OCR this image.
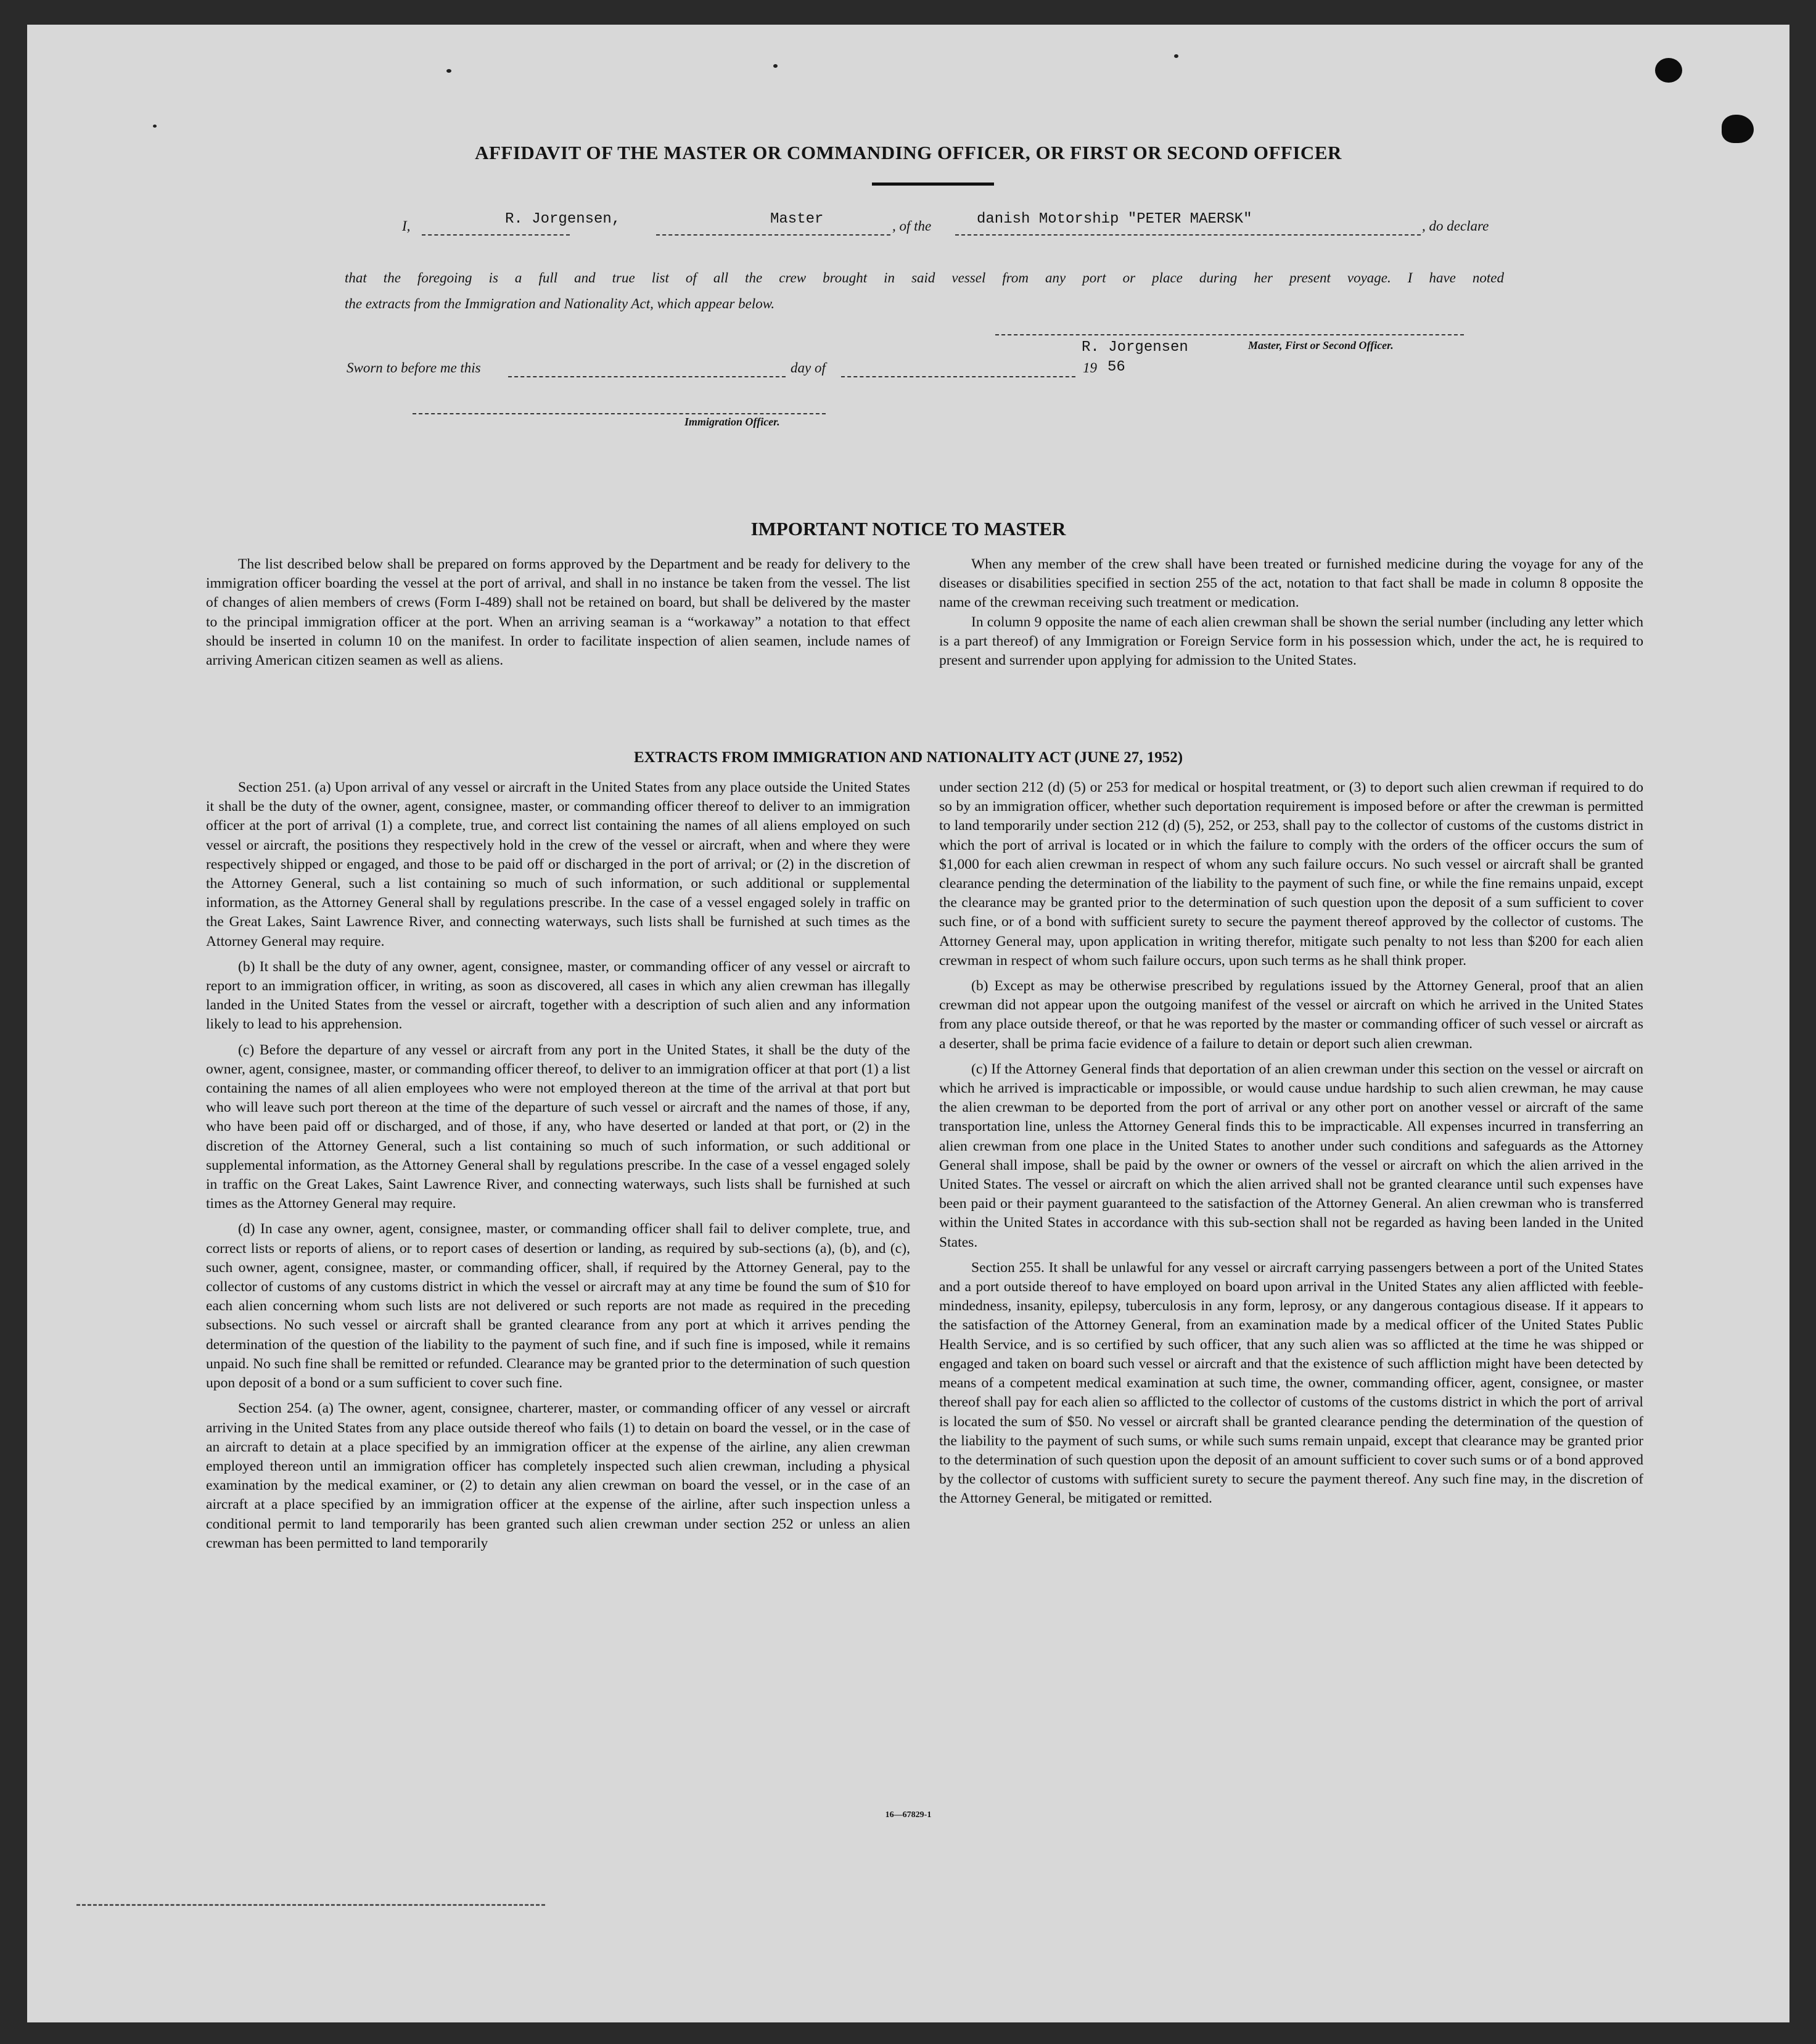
AFFIDAVIT OF THE MASTER OR COMMANDING OFFICER, OR FIRST OR SECOND OFFICER
I,	R. Jorgensen,	Master	, of the	danish Motorship "PETER MAERSK"	, do declare
that the foregoing is a full and true list of all the crew brought in said vessel from any port or place during her present voyage. I have noted
the extracts from the Immigration and Nationality Act, which appear below.
R. Jorgensen	Master, First or Second Officer.
Sworn to before me this	day of	19 56
Immigration Officer.
IMPORTANT NOTICE TO MASTER

The list described below shall be prepared on forms approved by the Department and be ready for delivery to the immigration officer boarding the vessel at the port of arrival, and shall in no instance be taken from the vessel. The list of changes of alien members of crews (Form I-489) shall not be retained on board, but shall be delivered by the master to the principal immigration officer at the port. When an arriving seaman is a “workaway” a notation to that effect should be inserted in column 10 on the manifest. In order to facilitate inspection of alien seamen, include names of arriving American citizen seamen as well as aliens.

When any member of the crew shall have been treated or furnished medicine during the voyage for any of the diseases or disabilities specified in section 255 of the act, notation to that fact shall be made in column 8 opposite the name of the crewman receiving such treatment or medication.

In column 9 opposite the name of each alien crewman shall be shown the serial number (including any letter which is a part thereof) of any Immigration or Foreign Service form in his possession which, under the act, he is required to present and surrender upon applying for admission to the United States.

EXTRACTS FROM IMMIGRATION AND NATIONALITY ACT (JUNE 27, 1952)

Section 251. (a) Upon arrival of any vessel or aircraft in the United States from any place outside the United States it shall be the duty of the owner, agent, consignee, master, or commanding officer thereof to deliver to an immigration officer at the port of arrival (1) a complete, true, and correct list containing the names of all aliens employed on such vessel or aircraft, the positions they respectively hold in the crew of the vessel or aircraft, when and where they were respectively shipped or engaged, and those to be paid off or discharged in the port of arrival; or (2) in the discretion of the Attorney General, such a list containing so much of such information, or such additional or supplemental information, as the Attorney General shall by regulations prescribe. In the case of a vessel engaged solely in traffic on the Great Lakes, Saint Lawrence River, and connecting waterways, such lists shall be furnished at such times as the Attorney General may require.

(b) It shall be the duty of any owner, agent, consignee, master, or commanding officer of any vessel or aircraft to report to an immigration officer, in writing, as soon as discovered, all cases in which any alien crewman has illegally landed in the United States from the vessel or aircraft, together with a description of such alien and any information likely to lead to his apprehension.

(c) Before the departure of any vessel or aircraft from any port in the United States, it shall be the duty of the owner, agent, consignee, master, or commanding officer thereof, to deliver to an immigration officer at that port (1) a list containing the names of all alien employees who were not employed thereon at the time of the arrival at that port but who will leave such port thereon at the time of the departure of such vessel or aircraft and the names of those, if any, who have been paid off or discharged, and of those, if any, who have deserted or landed at that port, or (2) in the discretion of the Attorney General, such a list containing so much of such information, or such additional or supplemental information, as the Attorney General shall by regulations prescribe. In the case of a vessel engaged solely in traffic on the Great Lakes, Saint Lawrence River, and connecting waterways, such lists shall be furnished at such times as the Attorney General may require.

(d) In case any owner, agent, consignee, master, or commanding officer shall fail to deliver complete, true, and correct lists or reports of aliens, or to report cases of desertion or landing, as required by sub-sections (a), (b), and (c), such owner, agent, consignee, master, or commanding officer, shall, if required by the Attorney General, pay to the collector of customs of any customs district in which the vessel or aircraft may at any time be found the sum of $10 for each alien concerning whom such lists are not delivered or such reports are not made as required in the preceding subsections. No such vessel or aircraft shall be granted clearance from any port at which it arrives pending the determination of the question of the liability to the payment of such fine, and if such fine is imposed, while it remains unpaid. No such fine shall be remitted or refunded. Clearance may be granted prior to the determination of such question upon deposit of a bond or a sum sufficient to cover such fine.

Section 254. (a) The owner, agent, consignee, charterer, master, or commanding officer of any vessel or aircraft arriving in the United States from any place outside thereof who fails (1) to detain on board the vessel, or in the case of an aircraft to detain at a place specified by an immigration officer at the expense of the airline, any alien crewman employed thereon until an immigration officer has completely inspected such alien crewman, including a physical examination by the medical examiner, or (2) to detain any alien crewman on board the vessel, or in the case of an aircraft at a place specified by an immigration officer at the expense of the airline, after such inspection unless a conditional permit to land temporarily has been granted such alien crewman under section 252 or unless an alien crewman has been permitted to land temporarily

under section 212 (d) (5) or 253 for medical or hospital treatment, or (3) to deport such alien crewman if required to do so by an immigration officer, whether such deportation requirement is imposed before or after the crewman is permitted to land temporarily under section 212 (d) (5), 252, or 253, shall pay to the collector of customs of the customs district in which the port of arrival is located or in which the failure to comply with the orders of the officer occurs the sum of $1,000 for each alien crewman in respect of whom any such failure occurs. No such vessel or aircraft shall be granted clearance pending the determination of the liability to the payment of such fine, or while the fine remains unpaid, except the clearance may be granted prior to the determination of such question upon the deposit of a sum sufficient to cover such fine, or of a bond with sufficient surety to secure the payment thereof approved by the collector of customs. The Attorney General may, upon application in writing therefor, mitigate such penalty to not less than $200 for each alien crewman in respect of whom such failure occurs, upon such terms as he shall think proper.

(b) Except as may be otherwise prescribed by regulations issued by the Attorney General, proof that an alien crewman did not appear upon the outgoing manifest of the vessel or aircraft on which he arrived in the United States from any place outside thereof, or that he was reported by the master or commanding officer of such vessel or aircraft as a deserter, shall be prima facie evidence of a failure to detain or deport such alien crewman.

(c) If the Attorney General finds that deportation of an alien crewman under this section on the vessel or aircraft on which he arrived is impracticable or impossible, or would cause undue hardship to such alien crewman, he may cause the alien crewman to be deported from the port of arrival or any other port on another vessel or aircraft of the same transportation line, unless the Attorney General finds this to be impracticable. All expenses incurred in transferring an alien crewman from one place in the United States to another under such conditions and safeguards as the Attorney General shall impose, shall be paid by the owner or owners of the vessel or aircraft on which the alien arrived in the United States. The vessel or aircraft on which the alien arrived shall not be granted clearance until such expenses have been paid or their payment guaranteed to the satisfaction of the Attorney General. An alien crewman who is transferred within the United States in accordance with this sub-section shall not be regarded as having been landed in the United States.

Section 255. It shall be unlawful for any vessel or aircraft carrying passengers between a port of the United States and a port outside thereof to have employed on board upon arrival in the United States any alien afflicted with feeble-mindedness, insanity, epilepsy, tuberculosis in any form, leprosy, or any dangerous contagious disease. If it appears to the satisfaction of the Attorney General, from an examination made by a medical officer of the United States Public Health Service, and is so certified by such officer, that any such alien was so afflicted at the time he was shipped or engaged and taken on board such vessel or aircraft and that the existence of such affliction might have been detected by means of a competent medical examination at such time, the owner, commanding officer, agent, consignee, or master thereof shall pay for each alien so afflicted to the collector of customs of the customs district in which the port of arrival is located the sum of $50. No vessel or aircraft shall be granted clearance pending the determination of the question of the liability to the payment of such sums, or while such sums remain unpaid, except that clearance may be granted prior to the determination of such question upon the deposit of an amount sufficient to cover such sums or of a bond approved by the collector of customs with sufficient surety to secure the payment thereof. Any such fine may, in the discretion of the Attorney General, be mitigated or remitted.

16—67829-1
